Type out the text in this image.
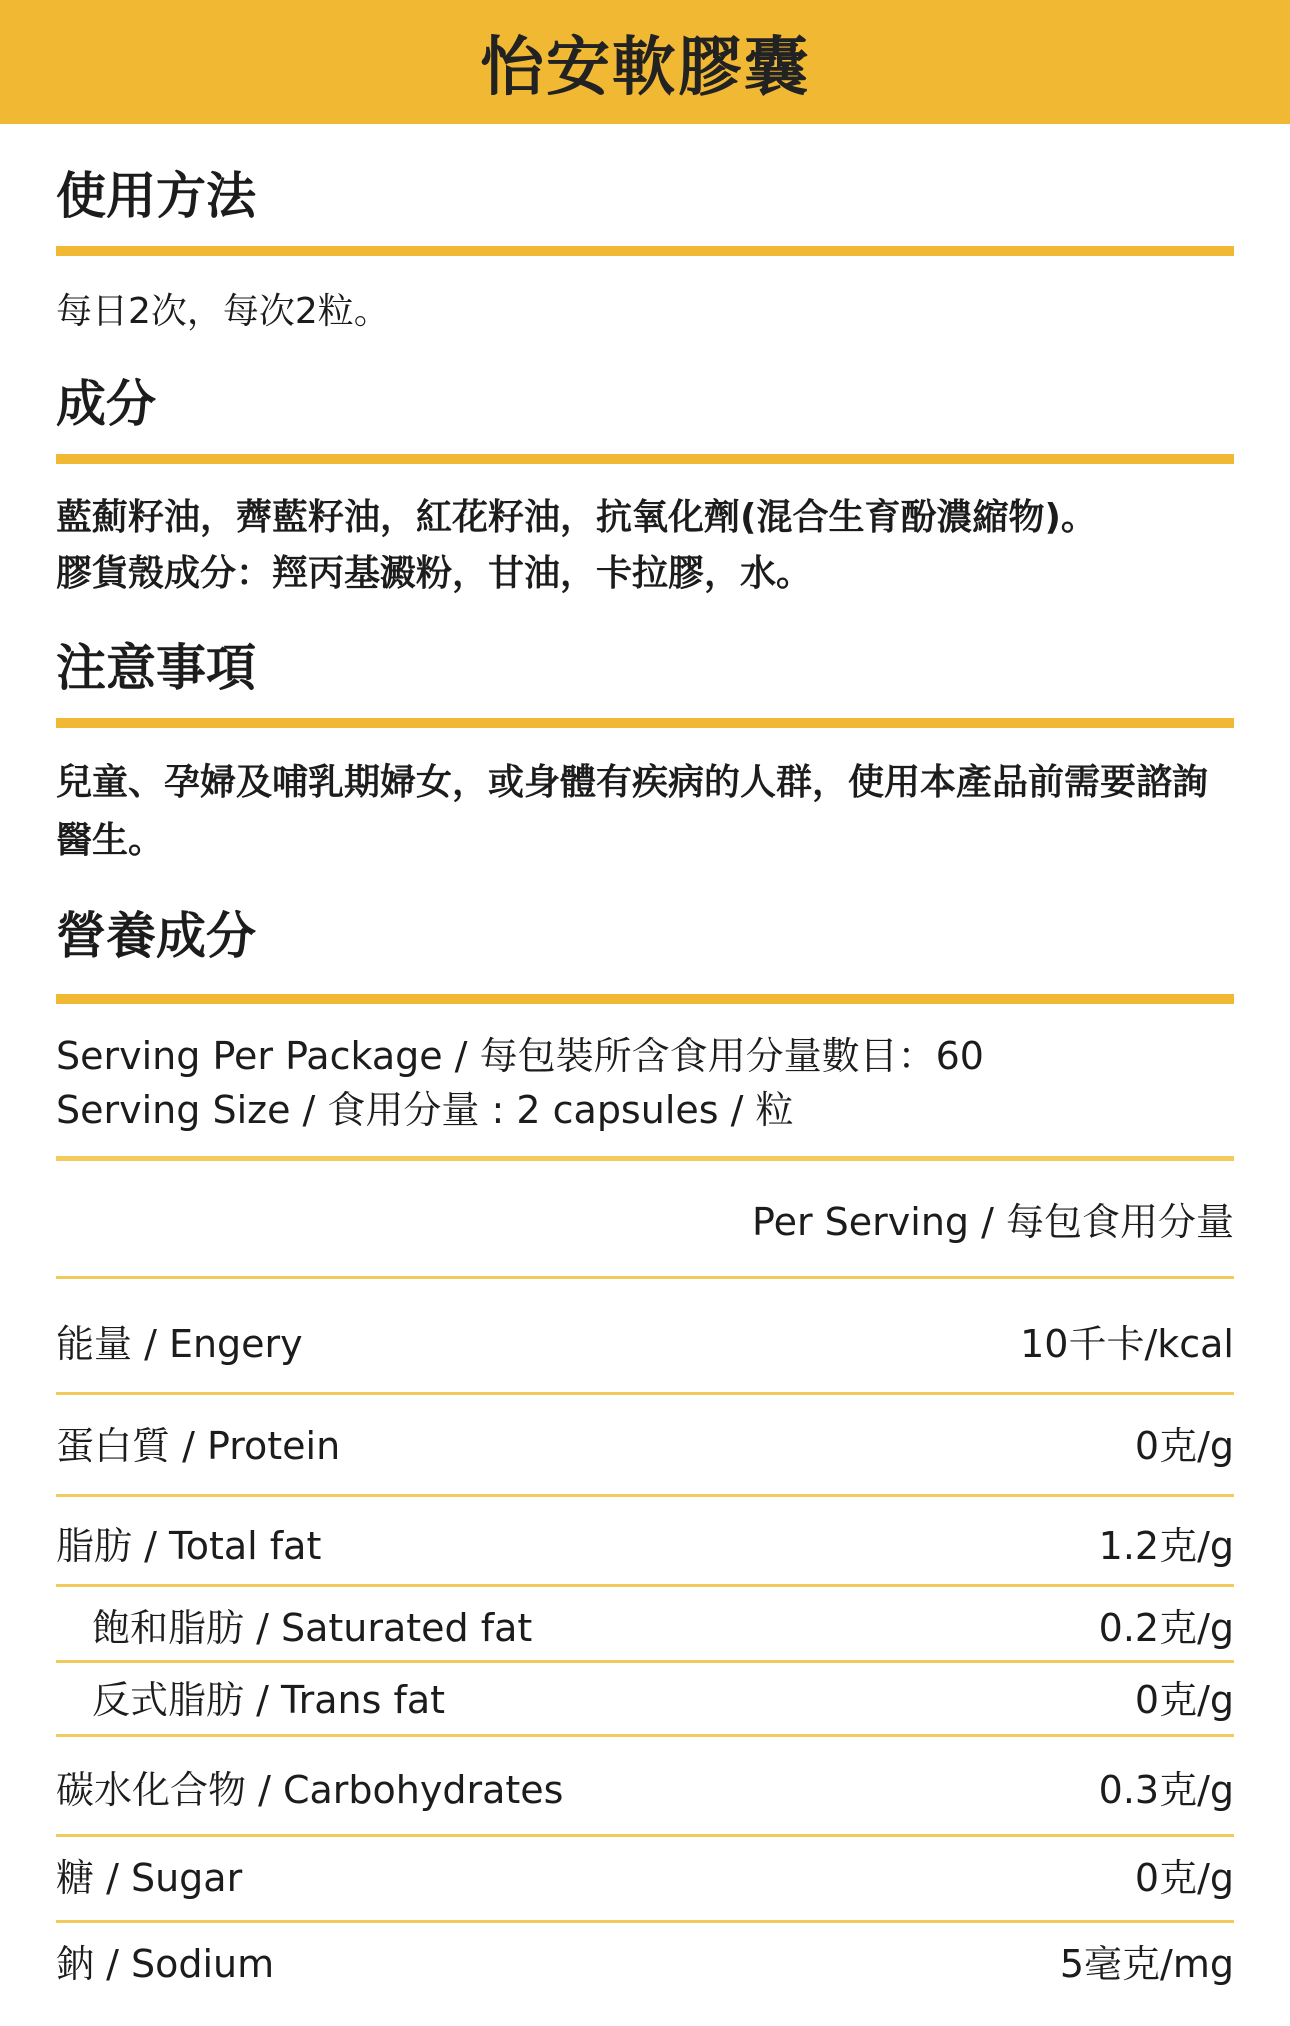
怡安軟膠囊
使用方法
每日2次，每次2粒。
成分
藍薊籽油，薺藍籽油，紅花籽油，抗氧化劑(混合生育酚濃縮物)。
膠貨殼成分：羥丙基澱粉，甘油，卡拉膠，水。
注意事項
兒童、孕婦及哺乳期婦女，或身體有疾病的人群，使用本產品前需要諮詢醫生。
營養成分
Serving Per Package / 每包裝所含食用分量數目：60
Serving Size / 食用分量 : 2 capsules / 粒
Per Serving / 每包食用分量
能量 / Engery	10千卡/kcal
蛋白質 / Protein	0克/g
脂肪 / Total fat	1.2克/g
飽和脂肪 / Saturated fat	0.2克/g
反式脂肪 / Trans fat	0克/g
碳水化合物 / Carbohydrates	0.3克/g
糖 / Sugar	0克/g
鈉 / Sodium	5毫克/mg
